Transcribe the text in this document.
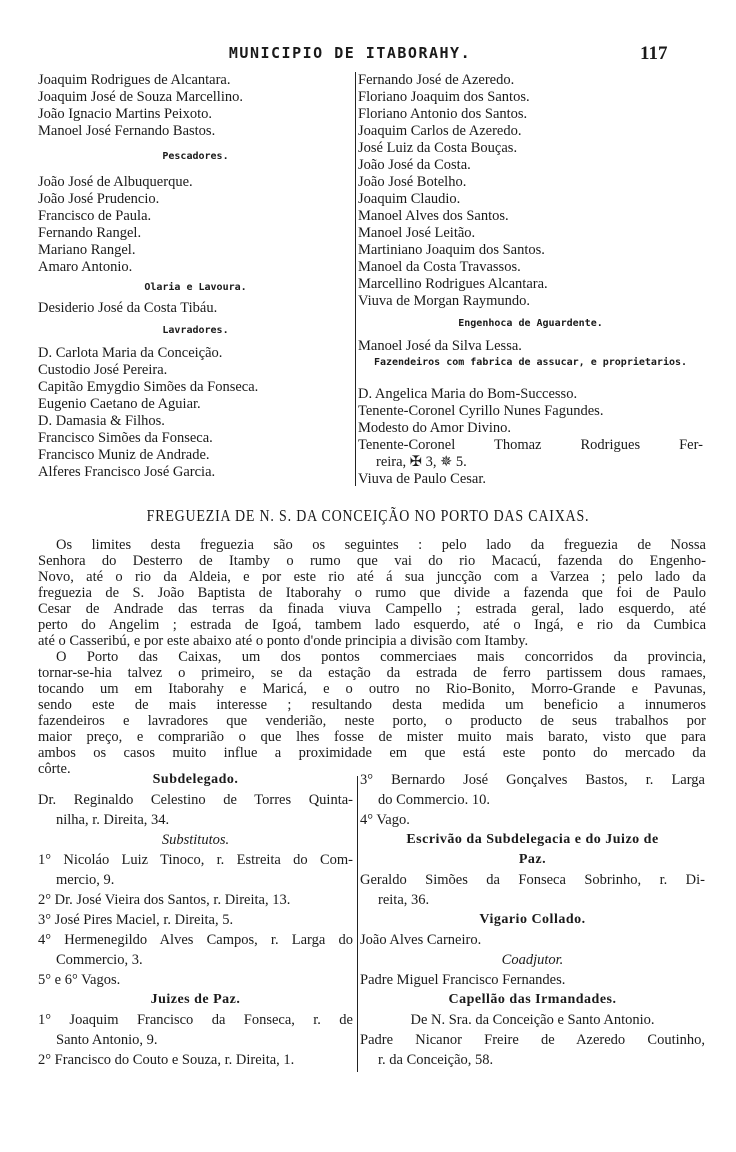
MUNICIPIO DE ITABORAHY.	117
Joaquim Rodrigues de Alcantara.
Joaquim José de Souza Marcellino.
João Ignacio Martins Peixoto.
Manoel José Fernando Bastos.
Pescadores.
João José de Albuquerque.
João José Prudencio.
Francisco de Paula.
Fernando Rangel.
Mariano Rangel.
Amaro Antonio.
Olaria e Lavoura.
Desiderio José da Costa Tibáu.
Lavradores.
D. Carlota Maria da Conceição.
Custodio José Pereira.
Capitão Emygdio Simões da Fonseca.
Eugenio Caetano de Aguiar.
D. Damasia & Filhos.
Francisco Simões da Fonseca.
Francisco Muniz de Andrade.
Alferes Francisco José Garcia.
Fernando José de Azeredo.
Floriano Joaquim dos Santos.
Floriano Antonio dos Santos.
Joaquim Carlos de Azeredo.
José Luiz da Costa Bouças.
João José da Costa.
João José Botelho.
Joaquim Claudio.
Manoel Alves dos Santos.
Manoel José Leitão.
Martiniano Joaquim dos Santos.
Manoel da Costa Travassos.
Marcellino Rodrigues Alcantara.
Viuva de Morgan Raymundo.
Engenhoca de Aguardente.
Manoel José da Silva Lessa.
Fazendeiros com fabrica de assucar, e proprietarios.
D. Angelica Maria do Bom-Successo.
Tenente-Coronel Cyrillo Nunes Fagundes.
Modesto do Amor Divino.
Tenente-Coronel Thomaz Rodrigues Fer-
reira, ✠ 3, ✵ 5.
Viuva de Paulo Cesar.
FREGUEZIA DE N. S. DA CONCEIÇÃO NO PORTO DAS CAIXAS.
Os limites desta freguezia são os seguintes : pelo lado da freguezia de Nossa
Senhora do Desterro de Itamby o rumo que vai do rio Macacú, fazenda do Engenho-
Novo, até o rio da Aldeia, e por este rio até á sua juncção com a Varzea ; pelo lado da
freguezia de S. João Baptista de Itaborahy o rumo que divide a fazenda que foi de Paulo
Cesar de Andrade das terras da finada viuva Campello ; estrada geral, lado esquerdo, até
perto do Angelim ; estrada de Igoá, tambem lado esquerdo, até o Ingá, e rio da Cumbica
até o Casseribú, e por este abaixo até o ponto d'onde principia a divisão com Itamby.
O Porto das Caixas, um dos pontos commerciaes mais concorridos da provincia,
tornar-se-hia talvez o primeiro, se da estação da estrada de ferro partissem dous ramaes,
tocando um em Itaborahy e Maricá, e o outro no Rio-Bonito, Morro-Grande e Pavunas,
sendo este de mais interesse ; resultando desta medida um beneficio a innumeros
fazendeiros e lavradores que venderião, neste porto, o producto de seus trabalhos por
maior preço, e comprarião o que lhes fosse de mister muito mais barato, visto que para
ambos os casos muito influe a proximidade em que está este ponto do mercado da
côrte.
Subdelegado.
Dr. Reginaldo Celestino de Torres Quinta-
nilha, r. Direita, 34.
Substitutos.
1° Nicoláo Luiz Tinoco, r. Estreita do Com-
mercio, 9.
2° Dr. José Vieira dos Santos, r. Direita, 13.
3° José Pires Maciel, r. Direita, 5.
4° Hermenegildo Alves Campos, r. Larga do
Commercio, 3.
5° e 6° Vagos.
Juizes de Paz.
1° Joaquim Francisco da Fonseca, r. de
Santo Antonio, 9.
2° Francisco do Couto e Souza, r. Direita, 1.
3° Bernardo José Gonçalves Bastos, r. Larga
do Commercio. 10.
4° Vago.
Escrivão da Subdelegacia e do Juizo de
Paz.
Geraldo Simões da Fonseca Sobrinho, r. Di-
reita, 36.
Vigario Collado.
João Alves Carneiro.
Coadjutor.
Padre Miguel Francisco Fernandes.
Capellão das Irmandades.
De N. Sra. da Conceição e Santo Antonio.
Padre Nicanor Freire de Azeredo Coutinho,
r. da Conceição, 58.
